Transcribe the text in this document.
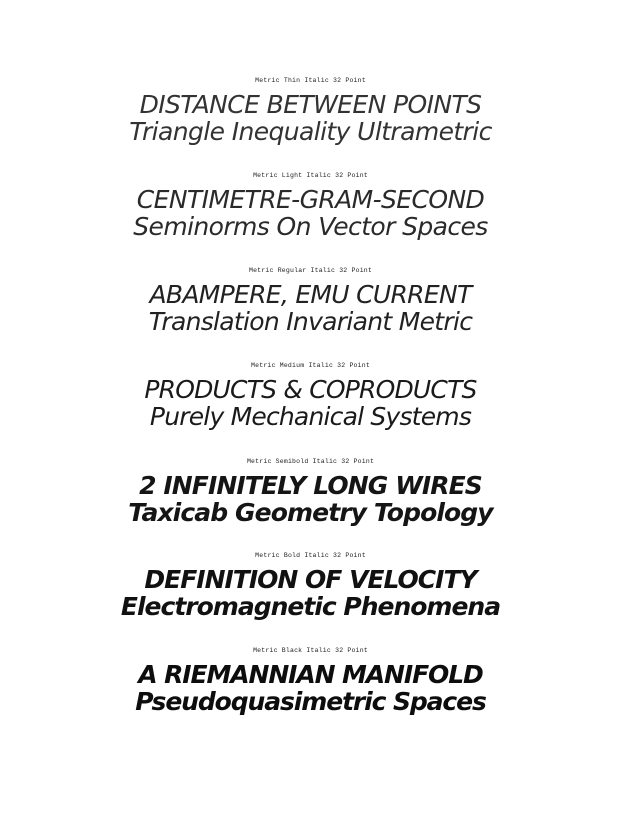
Metric Thin Italic 32 Point
DISTANCE BETWEEN POINTS
Triangle Inequality Ultrametric
Metric Light Italic 32 Point
CENTIMETRE-GRAM-SECOND
Seminorms On Vector Spaces
Metric Regular Italic 32 Point
ABAMPERE, EMU CURRENT
Translation Invariant Metric
Metric Medium Italic 32 Point
PRODUCTS & COPRODUCTS
Purely Mechanical Systems
Metric Semibold Italic 32 Point
2 INFINITELY LONG WIRES
Taxicab Geometry Topology
Metric Bold Italic 32 Point
DEFINITION OF VELOCITY
Electromagnetic Phenomena
Metric Black Italic 32 Point
A RIEMANNIAN MANIFOLD
Pseudoquasimetric Spaces
